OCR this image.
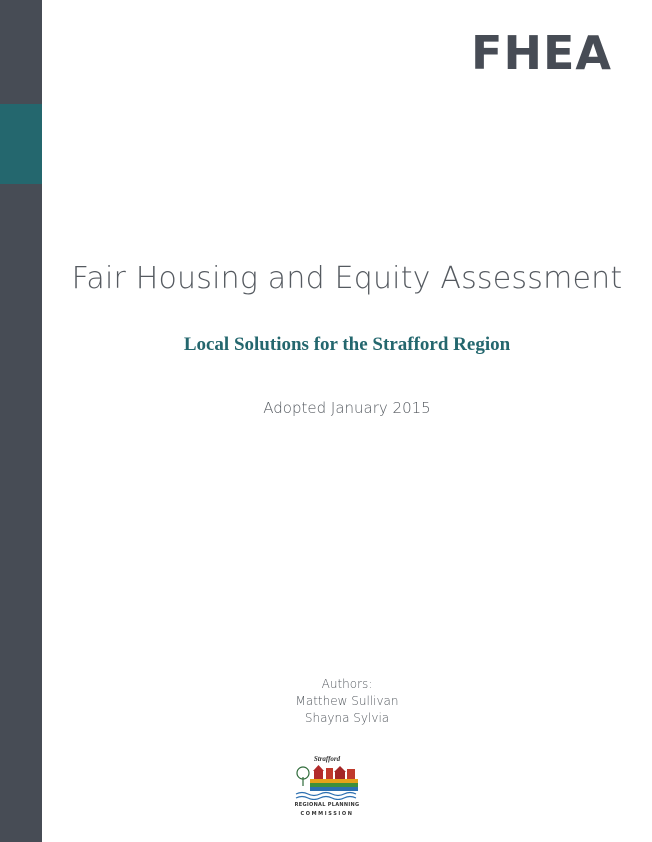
FHEA
Fair Housing and Equity Assessment
Local Solutions for the Strafford Region
Adopted January 2015
Authors:
Matthew Sullivan
Shayna Sylvia
Strafford
REGIONAL PLANNING
COMMISSION
